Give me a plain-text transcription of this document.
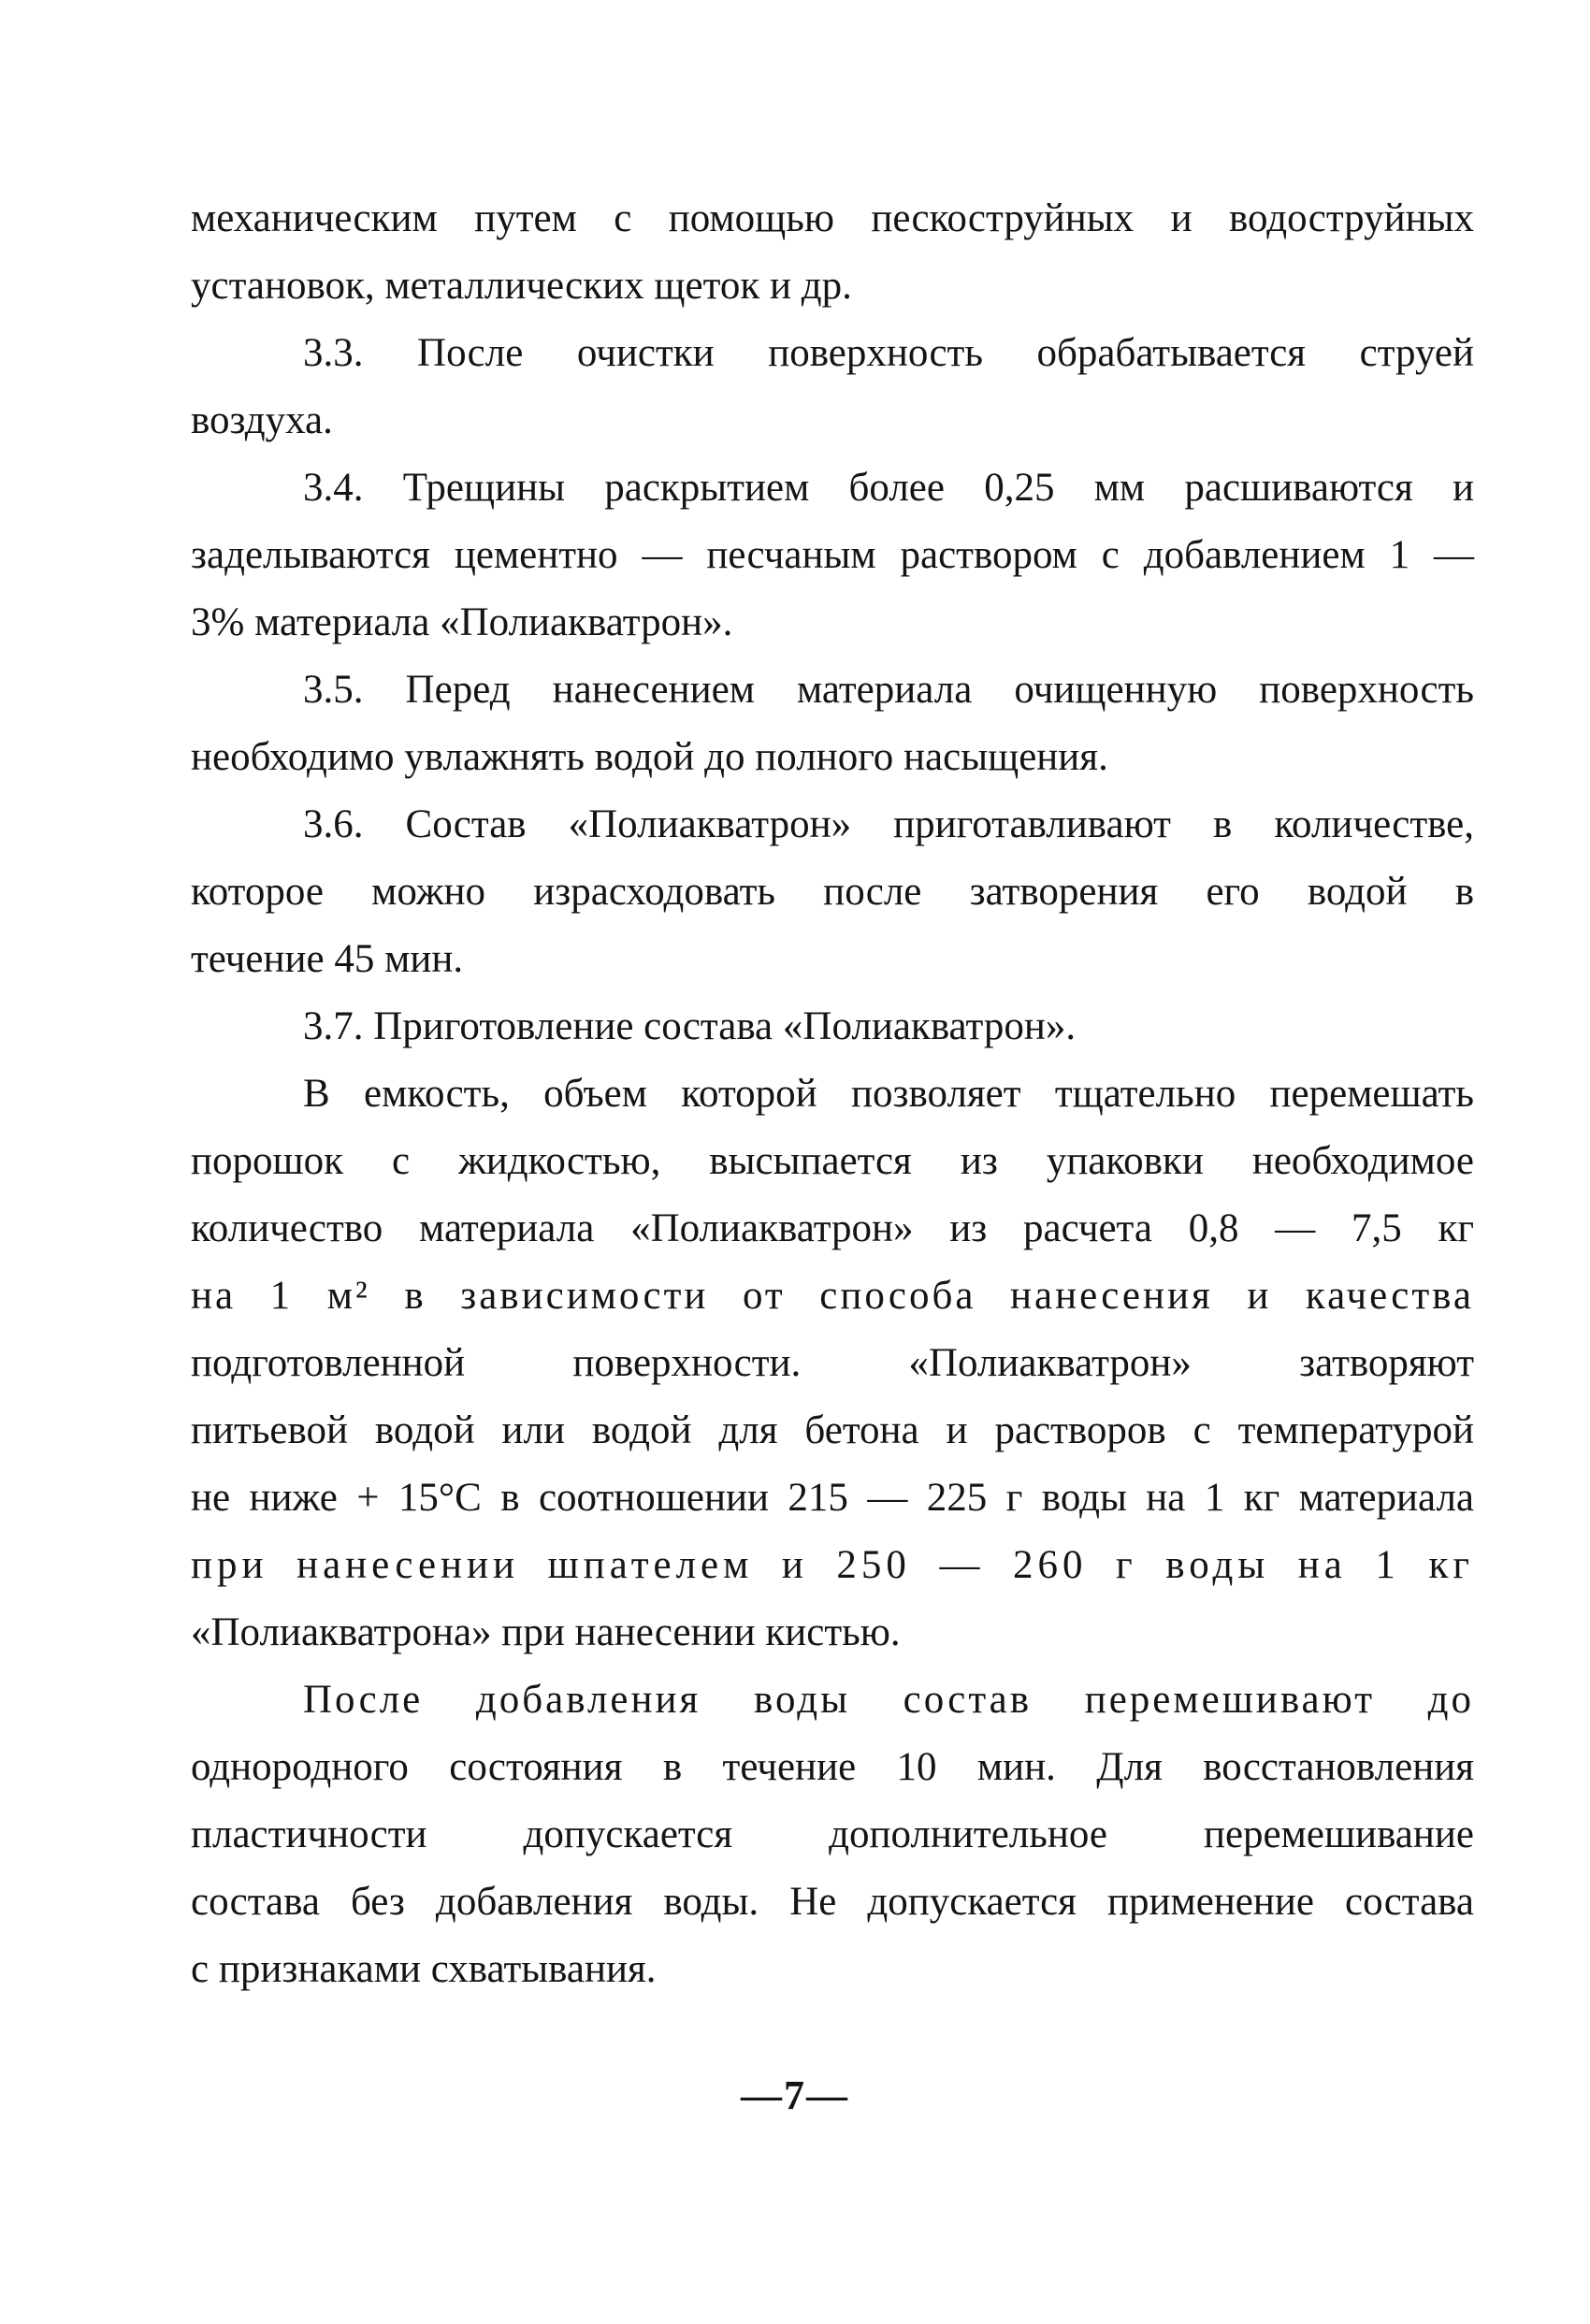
механическим путем с помощью пескоструйных и водоструйных
установок, металлических щеток и др.

3.3. После очистки поверхность обрабатывается струей
воздуха.

3.4. Трещины раскрытием более 0,25 мм расшиваются и
заделываются цементно — песчаным раствором с добавлением 1 —
3% материала «Полиакватрон».

3.5. Перед нанесением материала очищенную поверхность
необходимо увлажнять водой до полного насыщения.

3.6. Состав «Полиакватрон» приготавливают в количестве,
которое можно израсходовать после затворения его водой в
течение 45 мин.

3.7. Приготовление состава «Полиакватрон».

В емкость, объем которой позволяет тщательно перемешать
порошок с жидкостью, высыпается из упаковки необходимое
количество материала «Полиакватрон» из расчета 0,8 — 7,5 кг
на 1 м² в зависимости от способа нанесения и качества
подготовленной поверхности. «Полиакватрон» затворяют
питьевой водой или водой для бетона и растворов с температурой
не ниже + 15°С в соотношении 215 — 225 г воды на 1 кг материала
при нанесении шпателем и 250 — 260 г воды на 1 кг
«Полиакватрона» при нанесении кистью.

После добавления воды состав перемешивают до
однородного состояния в течение 10 мин. Для восстановления
пластичности допускается дополнительное перемешивание
состава без добавления воды. Не допускается применение состава
с признаками схватывания.

—7—
